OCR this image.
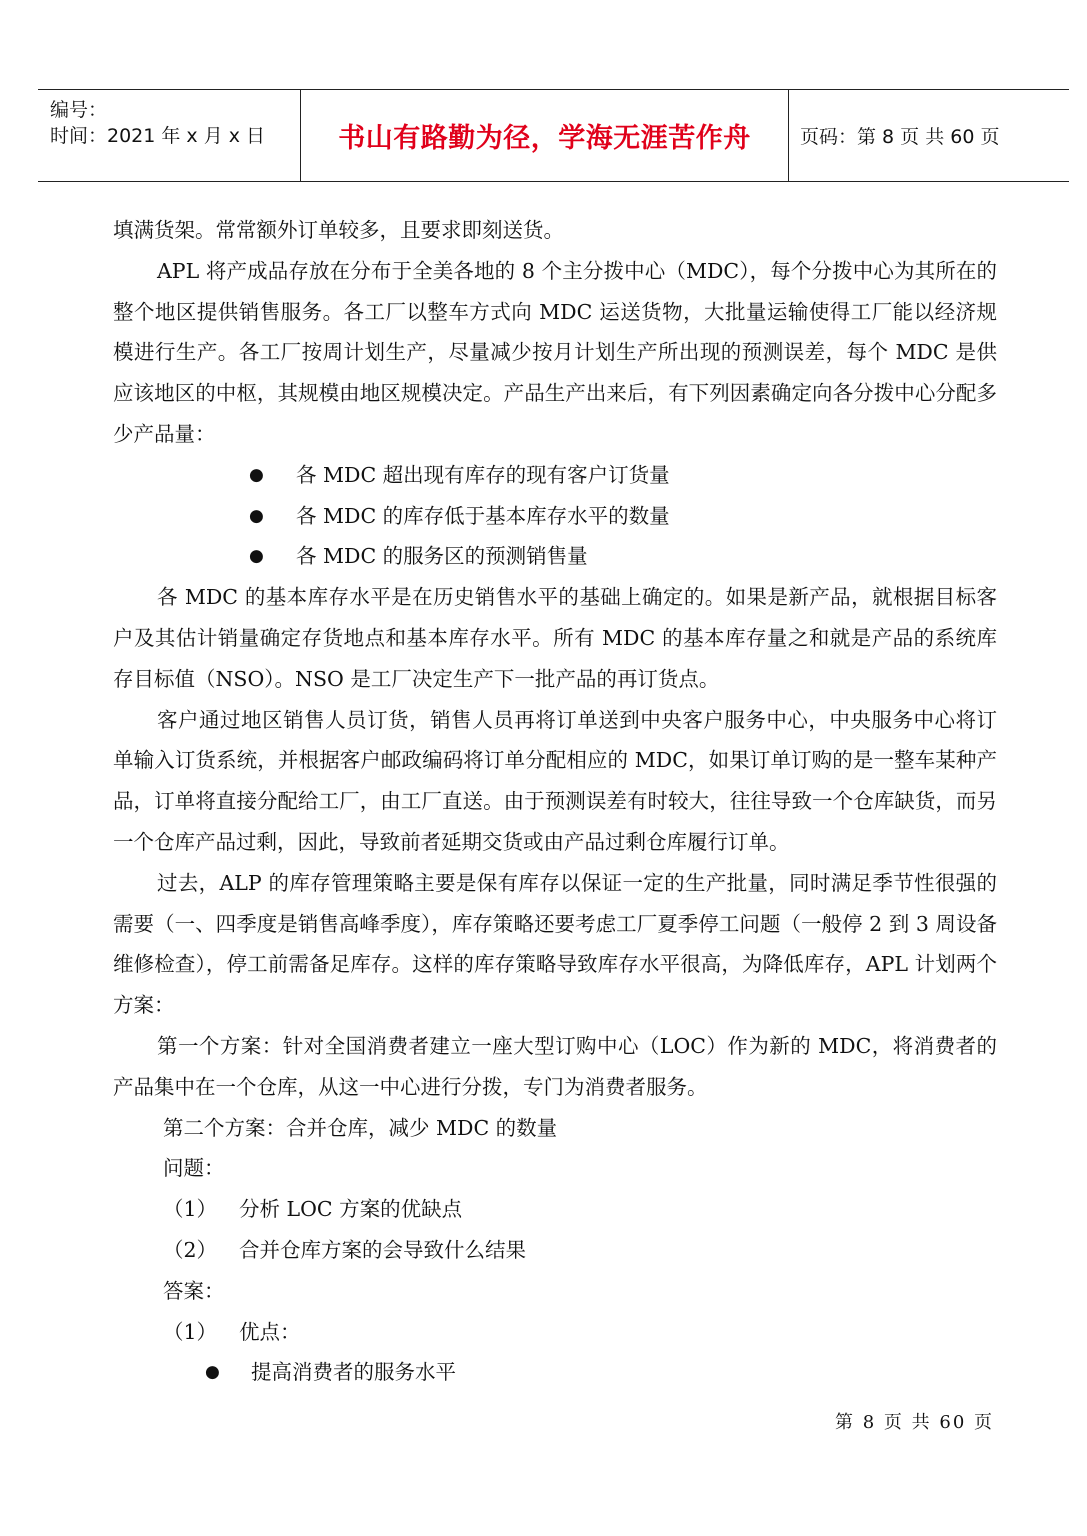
编号：
时间：2021 年 x 月 x 日	书山有路勤为径，学海无涯苦作舟	页码：第 8 页 共 60 页

填满货架。常常额外订单较多，且要求即刻送货。

APL 将产成品存放在分布于全美各地的 8 个主分拨中心（MDC），每个分拨中心为其所在的整个地区提供销售服务。各工厂以整车方式向 MDC 运送货物，大批量运输使得工厂能以经济规模进行生产。各工厂按周计划生产，尽量减少按月计划生产所出现的预测误差，每个 MDC 是供应该地区的中枢，其规模由地区规模决定。产品生产出来后，有下列因素确定向各分拨中心分配多少产品量：

● 各 MDC 超出现有库存的现有客户订货量
● 各 MDC 的库存低于基本库存水平的数量
● 各 MDC 的服务区的预测销售量

各 MDC 的基本库存水平是在历史销售水平的基础上确定的。如果是新产品，就根据目标客户及其估计销量确定存货地点和基本库存水平。所有 MDC 的基本库存量之和就是产品的系统库存目标值（NSO）。NSO 是工厂决定生产下一批产品的再订货点。

客户通过地区销售人员订货，销售人员再将订单送到中央客户服务中心，中央服务中心将订单输入订货系统，并根据客户邮政编码将订单分配相应的 MDC，如果订单订购的是一整车某种产品，订单将直接分配给工厂，由工厂直送。由于预测误差有时较大，往往导致一个仓库缺货，而另一个仓库产品过剩，因此，导致前者延期交货或由产品过剩仓库履行订单。

过去，ALP 的库存管理策略主要是保有库存以保证一定的生产批量，同时满足季节性很强的需要（一、四季度是销售高峰季度），库存策略还要考虑工厂夏季停工问题（一般停 2 到 3 周设备维修检查），停工前需备足库存。这样的库存策略导致库存水平很高，为降低库存，APL 计划两个方案：

第一个方案：针对全国消费者建立一座大型订购中心（LOC）作为新的 MDC，将消费者的产品集中在一个仓库，从这一中心进行分拨，专门为消费者服务。

第二个方案：合并仓库，减少 MDC 的数量

问题：

（1） 分析 LOC 方案的优缺点

（2） 合并仓库方案的会导致什么结果

答案：

（1） 优点：

● 提高消费者的服务水平

第 8 页 共 60 页
